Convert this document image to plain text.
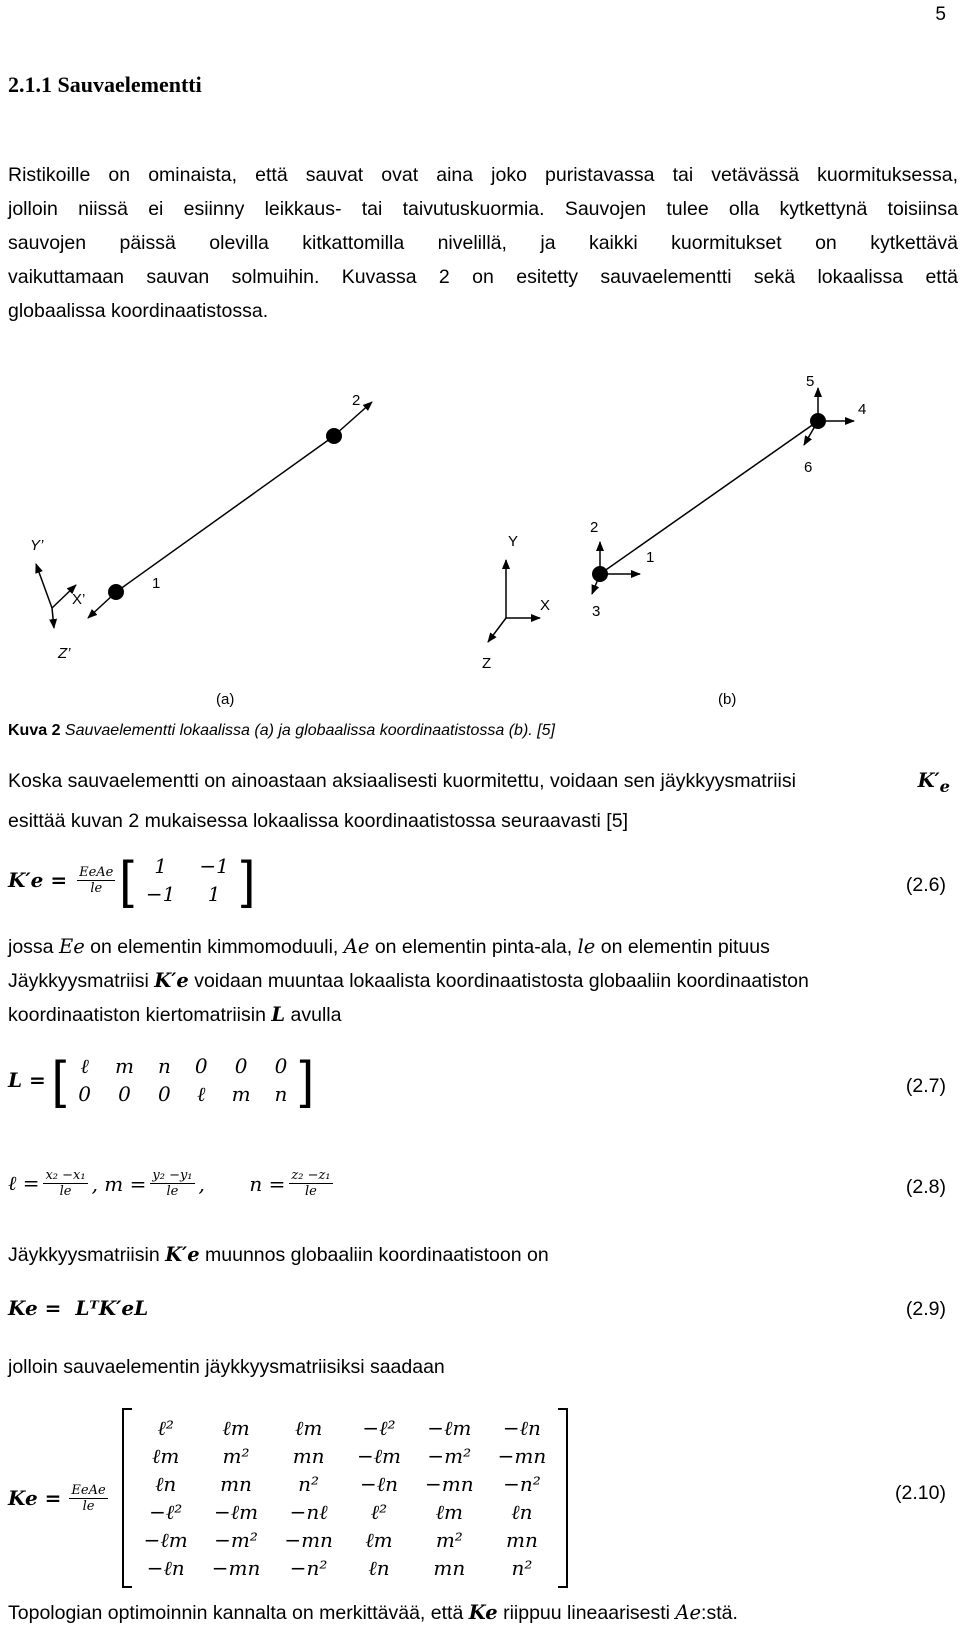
5
2.1.1 Sauvaelementti
Ristikoille on ominaista, että sauvat ovat aina joko puristavassa tai vetävässä kuormituksessa,
jolloin niissä ei esiinny leikkaus- tai taivutuskuormia. Sauvojen tulee olla kytkettynä toisiinsa
sauvojen päissä olevilla kitkattomilla nivelillä, ja kaikki kuormitukset on kytkettävä
vaikuttamaan sauvan solmuihin. Kuvassa 2 on esitetty sauvaelementti sekä lokaalissa että
globaalissa koordinaatistossa.
2
1
Y’
X’
Z’
1
2
3
4
5
6
Y
X
Z
(a)	(b)
Kuva 2 Sauvaelementti lokaalissa (a) ja globaalissa koordinaatistossa (b). [5]
Koska sauvaelementti on ainoastaan aksiaalisesti kuormitettu, voidaan sen jäykkyysmatriisi	$K'_e$
esittää kuvan 2 mukaisessa lokaalissa koordinaatistossa seuraavasti [5]
$K'e = \frac{\text{EeAe}}{le}$ [ 1	−1
−1	1 ]	(2.6)
jossa Ee on elementin kimmomoduuli, Ae on elementin pinta-ala, le on elementin pituus
Jäykkyysmatriisi K′e voidaan muuntaa lokaalista koordinaatistosta globaaliin koordinaatiston
koordinaatiston kiertomatriisin L avulla
L = [ ℓ	m	n	0	0	0
0	0	0	ℓ	m	n ]	(2.7)
ℓ = $\frac{\text{x₂ −x₁}}{le}$ , $m = \frac{\text{y₂ −y₁}}{le}$ ,       $n = \frac{\text{z₂ −z₁}}{le}$	(2.8)
Jäykkyysmatriisin K′e muunnos globaaliin koordinaatistoon on
Ke =  LᵀK′eL	(2.9)
jolloin sauvaelementin jäykkyysmatriisiksi saadaan
$Ke = \frac{\text{EeAe}}{le}$
ℓ²	ℓm	ℓm	−ℓ²	−ℓm	−ℓn
ℓm	m²	mn	−ℓm	−m²	−mn
ℓn	mn	n²	−ℓn	−mn	−n²
−ℓ²	−ℓm	−nℓ	ℓ²	ℓm	ℓn
−ℓm	−m²	−mn	ℓm	m²	mn
−ℓn	−mn	−n²	ℓn	mn	n²
(2.10)
Topologian optimoinnin kannalta on merkittävää, että Ke riippuu lineaarisesti Ae:stä.
